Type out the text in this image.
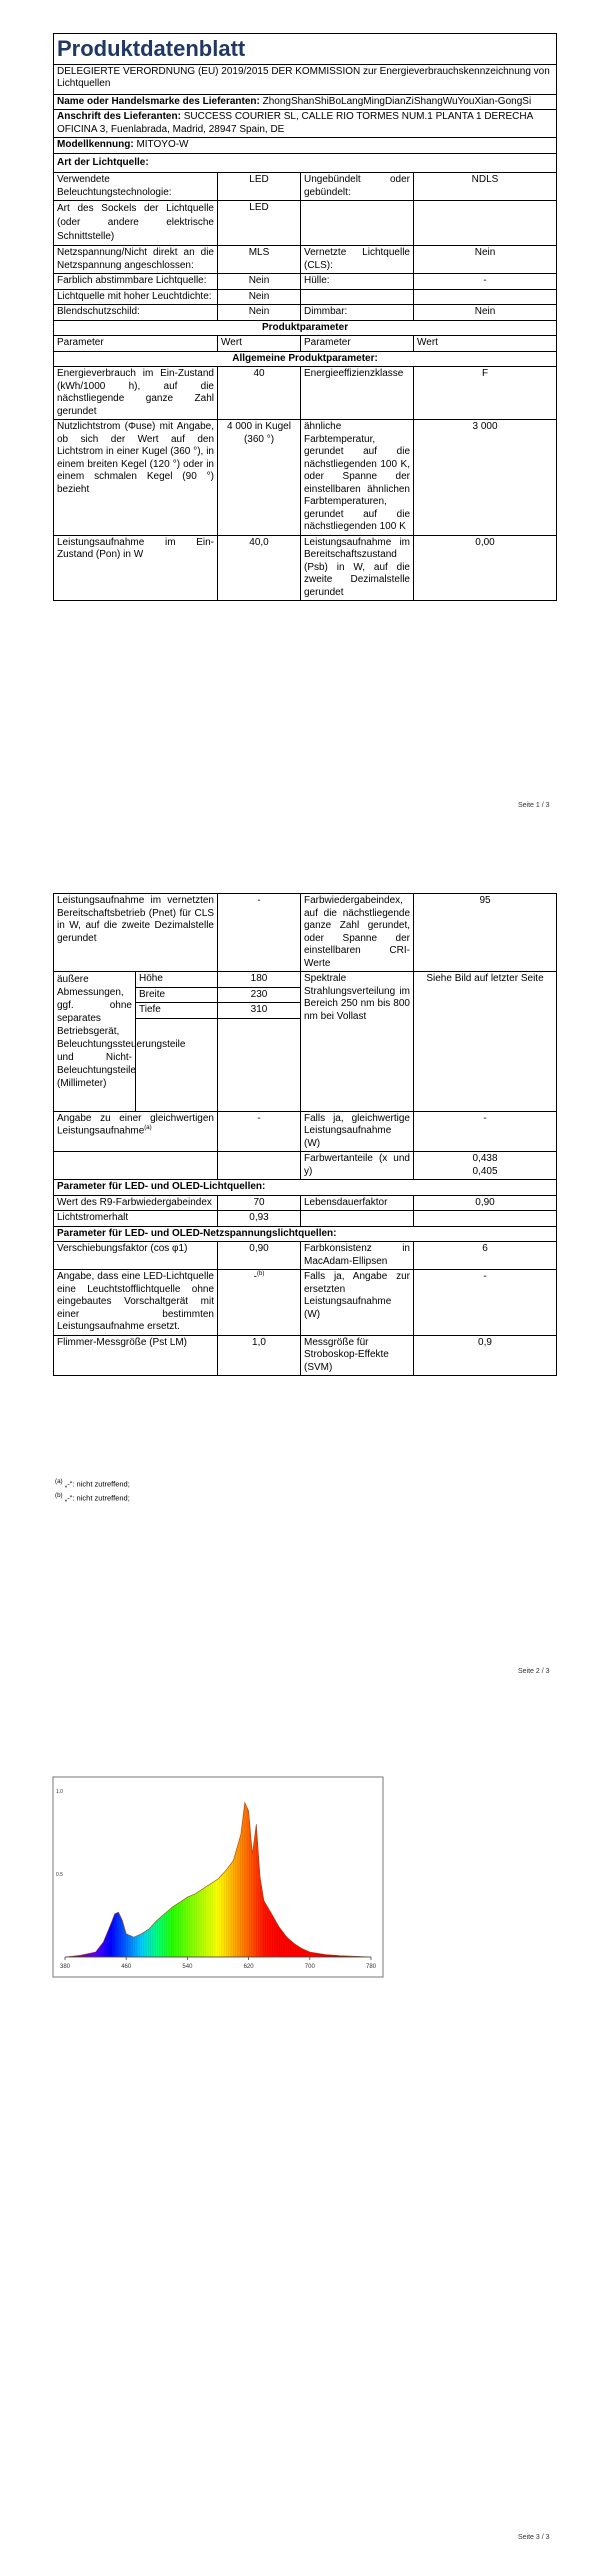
Produktdatenblatt			
DELEGIERTE VERORDNUNG (EU) 2019/2015 DER KOMMISSION zur Energieverbrauchskennzeichnung von Lichtquellen			
Name oder Handelsmarke des Lieferanten: ZhongShanShiBoLangMingDianZiShangWuYouXian-GongSi			
Anschrift des Lieferanten: SUCCESS COURIER SL, CALLE RIO TORMES NUM.1 PLANTA 1 DERECHA OFICINA 3, Fuenlabrada, Madrid, 28947 Spain, DE			
Modellkennung: MITOYO-W			
Art der Lichtquelle:			
Verwendete Beleuchtungstechnologie:	LED	Ungebündelt oder gebündelt:	NDLS
Art des Sockels der Lichtquelle (oder andere elektrische Schnittstelle)	LED		
Netzspannung/Nicht direkt an die Netzspannung angeschlossen:	MLS	Vernetzte Lichtquelle (CLS):	Nein
Farblich abstimmbare Lichtquelle:	Nein	Hülle:	-
Lichtquelle mit hoher Leuchtdichte:	Nein		
Blendschutzschild:	Nein	Dimmbar:	Nein
Produktparameter			
Parameter	Wert	Parameter	Wert
Allgemeine Produktparameter:			
Energieverbrauch im Ein-Zustand (kWh/1000 h), auf die nächstliegende ganze Zahl gerundet	40	Energieeffizienzklasse	F
Nutzlichtstrom (Φuse) mit Angabe, ob sich der Wert auf den Lichtstrom in einer Kugel (360 °), in einem breiten Kegel (120 °) oder in einem schmalen Kegel (90 °) bezieht	4 000 in Kugel (360 °)	ähnliche Farbtemperatur, gerundet auf die nächstliegenden 100 K, oder Spanne der einstellbaren ähnlichen Farbtemperaturen, gerundet auf die nächstliegenden 100 K	3 000
Leistungsaufnahme im Ein-Zustand (Pon) in W	40,0	Leistungsaufnahme im Bereitschaftszustand (Psb) in W, auf die zweite Dezimalstelle gerundet	0,00
Seite 1 / 3
Leistungsaufnahme im vernetzten Bereitschaftsbetrieb (Pnet) für CLS in W, auf die zweite Dezimalstelle gerundet		-	Farbwiedergabeindex, auf die nächstliegende ganze Zahl gerundet, oder Spanne der einstellbaren CRI-Werte	95
äußere Abmessungen, ggf. ohne separates Betriebsgerät, Beleuchtungssteuerungsteile und Nicht-Beleuchtungsteile (Millimeter)	Höhe	180	Spektrale Strahlungsverteilung im Bereich 250 nm bis 800 nm bei Vollast	Siehe Bild auf letzter Seite
	Breite	230		
	Tiefe	310		

Angabe zu einer gleichwertigen Leistungsaufnahme$^{(a)}$		-	Falls ja, gleichwertige Leistungsaufnahme (W)	-
			Farbwertanteile (x und y)	0,438
0,405

Parameter für LED- und OLED-Lichtquellen:				
Wert des R9-Farbwiedergabeindex		70	Lebensdauerfaktor	0,90
Lichtstromerhalt		0,93		
Parameter für LED- und OLED-Netzspannungslichtquellen:				
Verschiebungsfaktor (cos φ1)		0,90	Farbkonsistenz in MacAdam-Ellipsen	6
Angabe, dass eine LED-Lichtquelle eine Leuchtstofflichtquelle ohne eingebautes Vorschaltgerät mit einer bestimmten Leistungsaufnahme ersetzt.		-$^{(b)}$	Falls ja, Angabe zur ersetzten Leistungsaufnahme (W)	-
Flimmer-Messgröße (Pst LM)		1,0	Messgröße für Stroboskop-Effekte (SVM)	0,9
$^{(a)}$ „-": nicht zutreffend;
$^{(b)}$ „-": nicht zutreffend;
Seite 2 / 3
380	460	540	620	700	780
1.0
0.5
Seite 3 / 3
